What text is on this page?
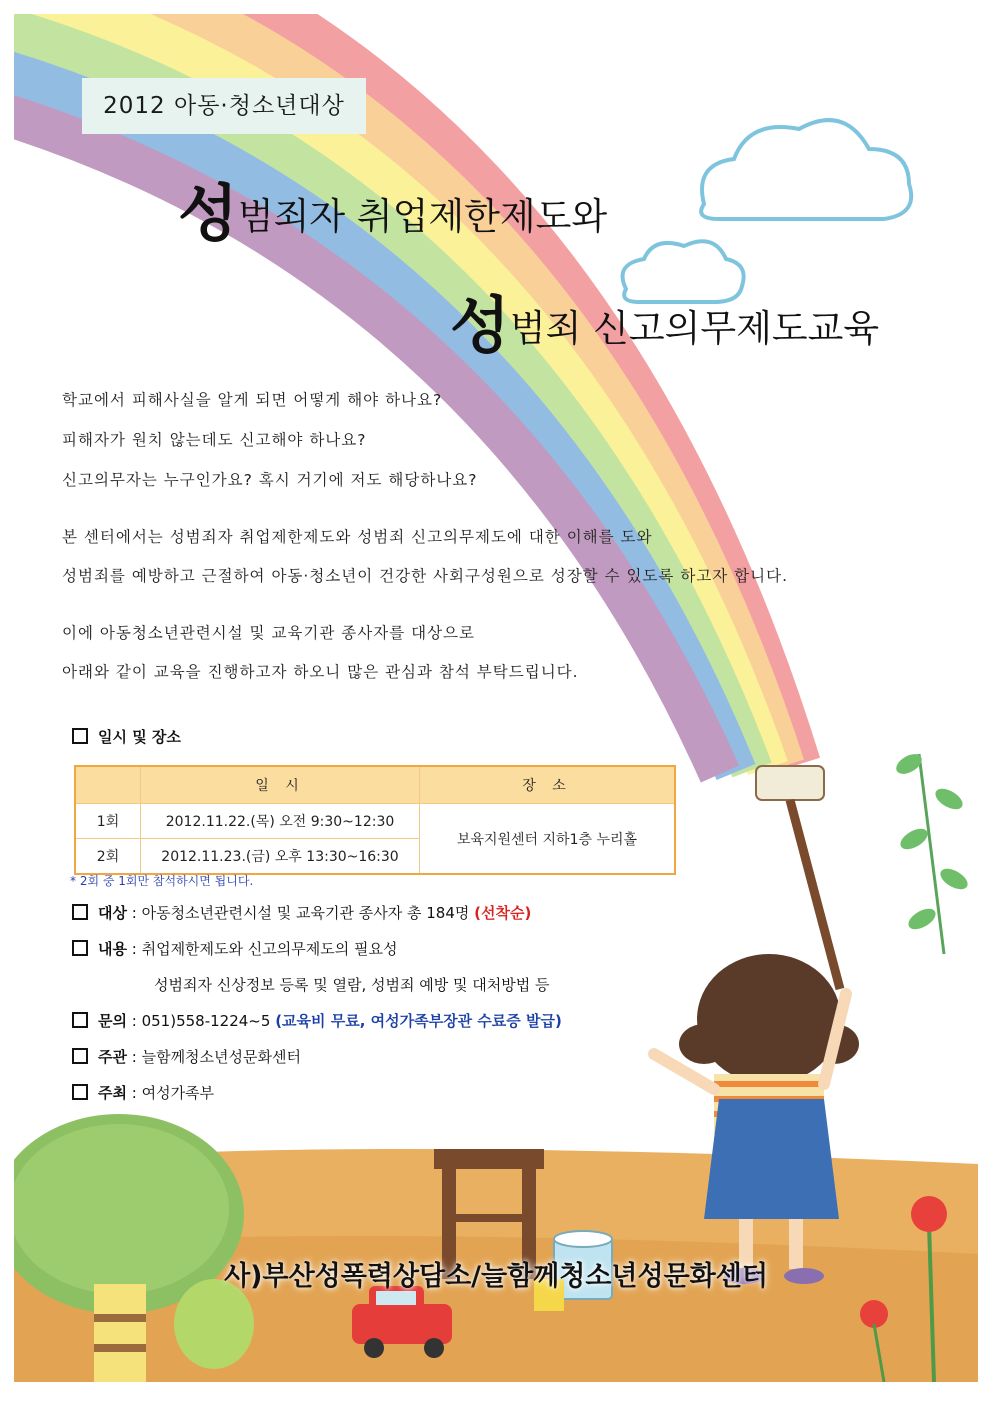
2012 아동·청소년대상
성범죄자 취업제한제도와
성범죄 신고의무제도교육
학교에서 피해사실을 알게 되면 어떻게 해야 하나요?
피해자가 원치 않는데도 신고해야 하나요?
신고의무자는 누구인가요? 혹시 거기에 저도 해당하나요?
본 센터에서는 성범죄자 취업제한제도와 성범죄 신고의무제도에 대한 이해를 도와
성범죄를 예방하고 근절하여 아동·청소년이 건강한 사회구성원으로 성장할 수 있도록 하고자 합니다.
이에 아동청소년관련시설 및 교육기관 종사자를 대상으로
아래와 같이 교육을 진행하고자 하오니 많은 관심과 참석 부탁드립니다.
일시 및 장소
	일 시	장 소
1회	2012.11.22.(목) 오전 9:30~12:30	보육지원센터 지하1층 누리홀
2회	2012.11.23.(금) 오후 13:30~16:30	
* 2회 중 1회만 참석하시면 됩니다.
대상 : 아동청소년관련시설 및 교육기관 종사자 총 184명 (선착순)
내용 : 취업제한제도와 신고의무제도의 필요성
성범죄자 신상정보 등록 및 열람, 성범죄 예방 및 대처방법 등
문의 : 051)558-1224~5 (교육비 무료, 여성가족부장관 수료증 발급)
주관 : 늘함께청소년성문화센터
주최 : 여성가족부
사)부산성폭력상담소/늘함께청소년성문화센터
